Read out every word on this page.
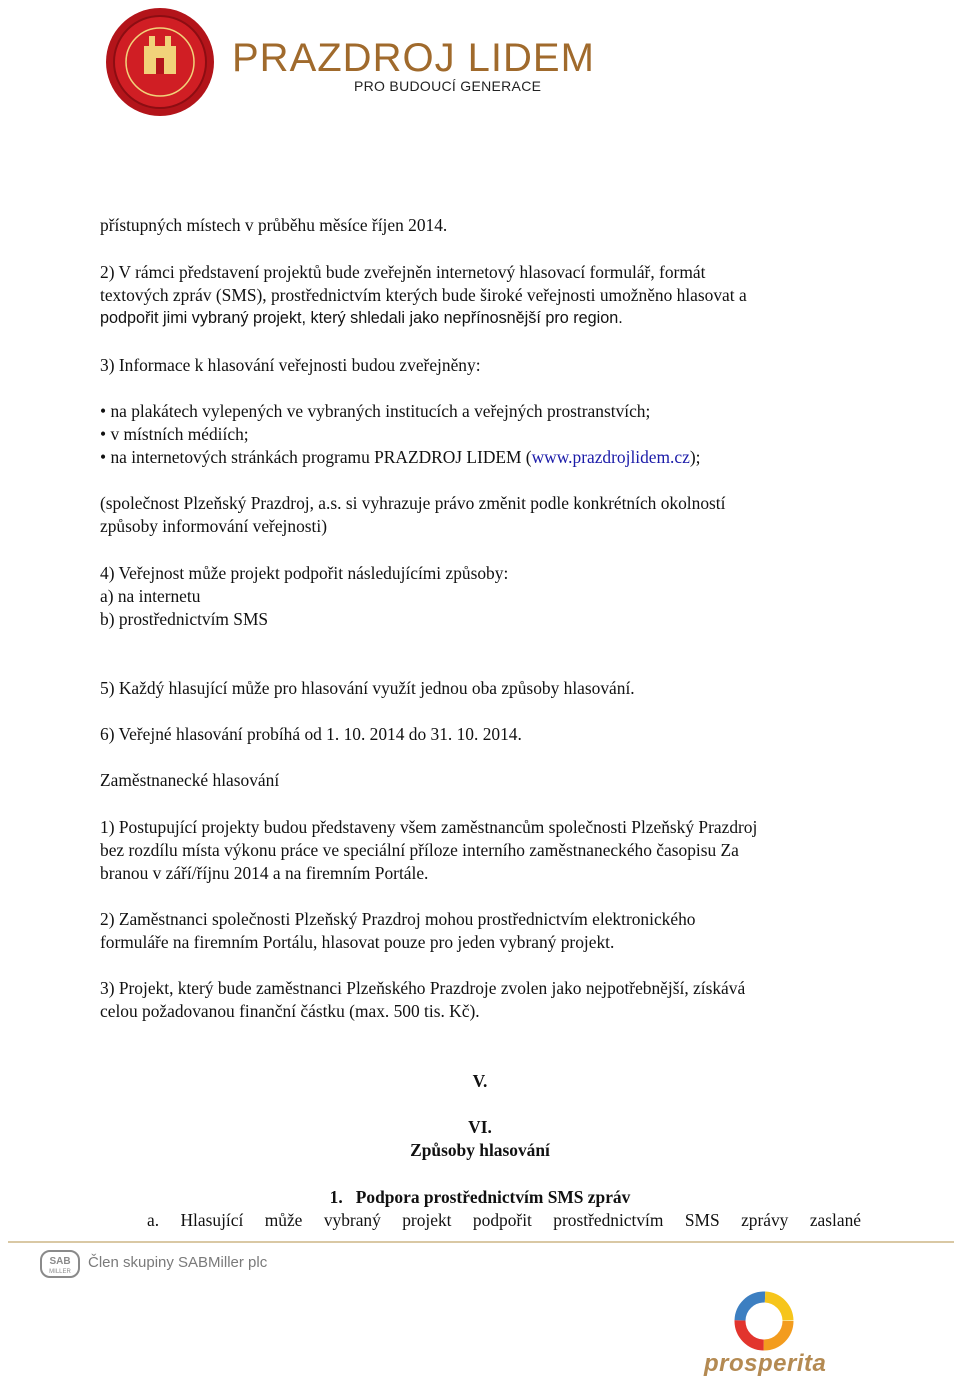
PRAZDROJ LIDEM
PRO BUDOUCÍ GENERACE
přístupných místech v průběhu měsíce říjen 2014.
2) V rámci představení projektů bude zveřejněn internetový hlasovací formulář, formát
textových zpráv (SMS), prostřednictvím kterých bude široké veřejnosti umožněno hlasovat a
podpořit jimi vybraný projekt, který shledali jako nepřínosnější pro region.
3) Informace k hlasování veřejnosti budou zveřejněny:
• na plakátech vylepených ve vybraných institucích a veřejných prostranstvích;
• v místních médiích;
• na internetových stránkách programu PRAZDROJ LIDEM (www.prazdrojlidem.cz);
(společnost Plzeňský Prazdroj, a.s. si vyhrazuje právo změnit podle konkrétních okolností
způsoby informování veřejnosti)
4) Veřejnost může projekt podpořit následujícími způsoby:
a) na internetu
b) prostřednictvím SMS
5) Každý hlasující může pro hlasování využít jednou oba způsoby hlasování.
6) Veřejné hlasování probíhá od 1. 10. 2014 do 31. 10. 2014.
Zaměstnanecké hlasování
1) Postupující projekty budou představeny všem zaměstnancům společnosti Plzeňský Prazdroj
bez rozdílu místa výkonu práce ve speciální příloze interního zaměstnaneckého časopisu Za
branou v září/říjnu 2014 a na firemním Portále.
2) Zaměstnanci společnosti Plzeňský Prazdroj mohou prostřednictvím elektronického
formuláře na firemním Portálu, hlasovat pouze pro jeden vybraný projekt.
3) Projekt, který bude zaměstnanci Plzeňského Prazdroje zvolen jako nejpotřebnější, získává
celou požadovanou finanční částku (max. 500 tis. Kč).
V.
VI.
Způsoby hlasování
1.   Podpora prostřednictvím SMS zpráv
a. Hlasující může vybraný projekt podpořit prostřednictvím SMS zprávy zaslané
SAB
MILLER
Člen skupiny SABMiller plc
prosperita
